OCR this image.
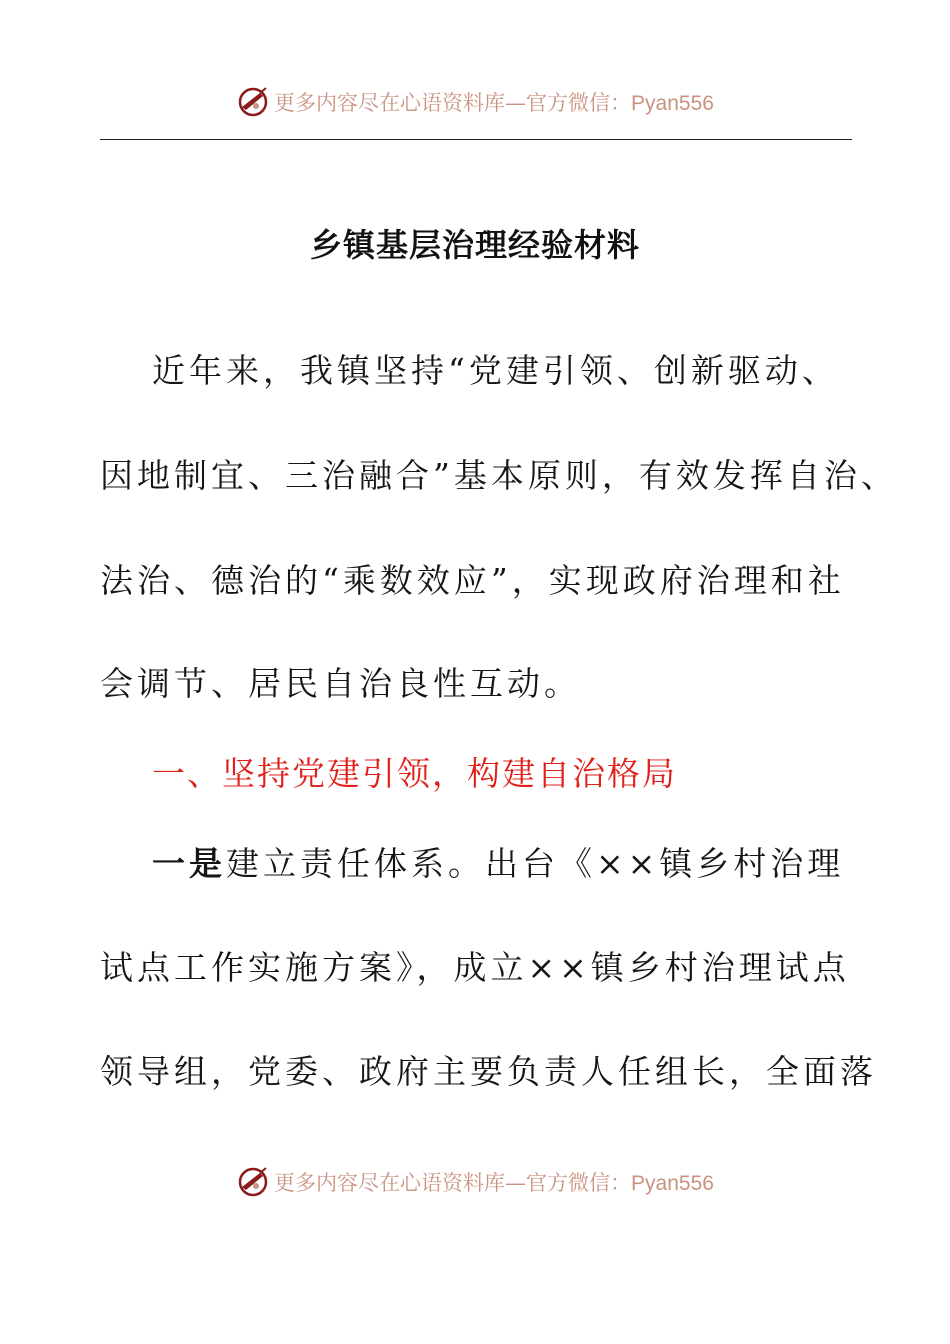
更多内容尽在心语资料库—官方微信：Pyan556
乡镇基层治理经验材料
近年来，我镇坚持“党建引领、创新驱动、
因地制宜、三治融合”基本原则，有效发挥自治、
法治、德治的“乘数效应”，实现政府治理和社
会调节、居民自治良性互动。
一、坚持党建引领，构建自治格局
一是建立责任体系。出台《××镇乡村治理
试点工作实施方案》，成立××镇乡村治理试点
领导组，党委、政府主要负责人任组长，全面落
更多内容尽在心语资料库—官方微信：Pyan556
